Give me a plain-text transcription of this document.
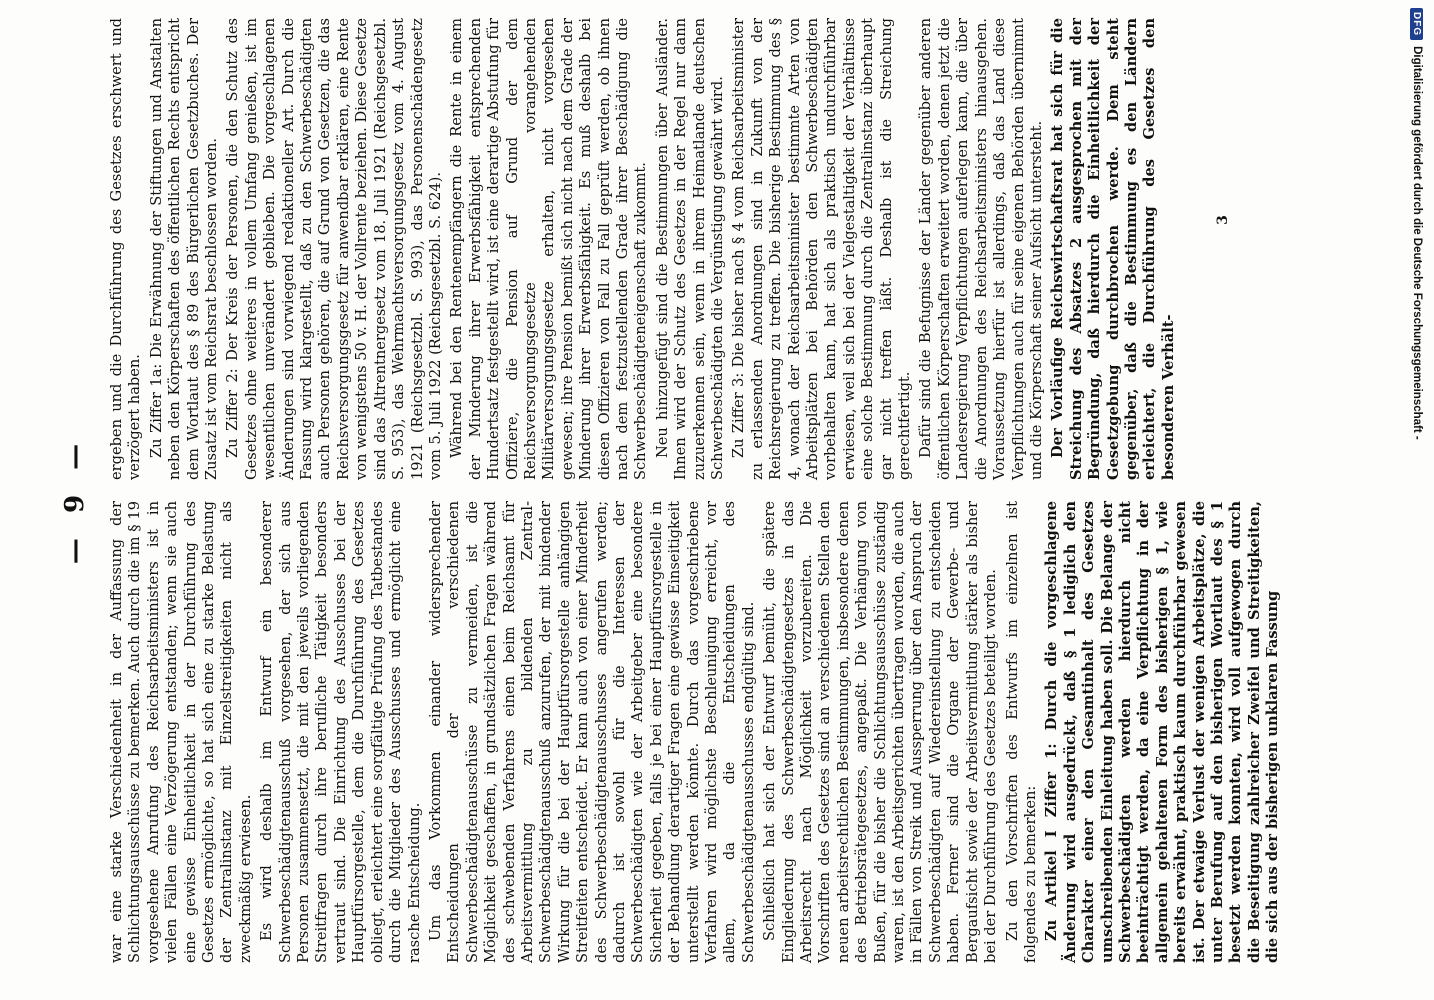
— 9 —

war eine starke Verschiedenheit in der Auffassung der Schlichtungsausschüsse zu bemerken. Auch durch die im § 19 vorgesehene Anrufung des Reichsarbeitsministers ist in vielen Fällen eine Verzögerung entstanden; wenn sie auch eine gewisse Einheitlichkeit in der Durchführung des Gesetzes ermöglichte, so hat sich eine zu starke Belastung der Zentralinstanz mit Einzelstreitigkeiten nicht als zweckmäßig erwiesen. Es wird deshalb im Entwurf ein besonderer Schwerbeschädigtenausschuß vorgesehen, der sich aus Personen zusammensetzt, die mit den jeweils vorliegenden Streitfragen durch ihre berufliche Tätigkeit besonders vertraut sind. Die Einrichtung des Ausschusses bei der Hauptfürsorgestelle, dem die Durchführung des Gesetzes obliegt, erleichtert eine sorgfältige Prüfung des Tatbestandes durch die Mitglieder des Ausschusses und ermöglicht eine rasche Entscheidung. Um das Vorkommen einander widersprechender Entscheidungen der verschiedenen Schwerbeschädigtenausschüsse zu vermeiden, ist die Möglichkeit geschaffen, in grundsätzlichen Fragen während des schwebenden Verfahrens einen beim Reichsamt für Arbeitsvermittlung zu bildenden Zentral-Schwerbeschädigtenausschuß anzurufen, der mit bindender Wirkung für die bei der Hauptfürsorgestelle anhängigen Streitfeiten entscheidet. Er kann auch von einer Minderheit des Schwerbeschädigtenausschusses angerufen werden; dadurch ist sowohl für die Interessen der Schwerbeschädigten wie der Arbeitgeber eine besondere Sicherheit gegeben, falls je bei einer Hauptfürsorgestelle in der Behandlung derartiger Fragen eine gewisse Einseitigkeit unterstellt werden könnte. Durch das vorgeschriebene Verfahren wird möglichste Beschleunigung erreicht, vor allem, da die Entscheidungen des Schwerbeschädigtenausschusses endgültig sind. Schließlich hat sich der Entwurf bemüht, die spätere Eingliederung des Schwerbeschädigtengesetzes in das Arbeitsrecht nach Möglichkeit vorzubereiten. Die Vorschriften des Gesetzes sind an verschiedenen Stellen den neuen arbeitsrechtlichen Bestimmungen, insbesondere denen des Betriebsrätegesetzes, angepaßt. Die Verhängung von Bußen, für die bisher die Schlichtungsausschüsse zuständig waren, ist den Arbeitsgerichten übertragen worden, die auch in Fällen von Streik und Aussperrung über den Anspruch der Schwerbeschädigten auf Wiedereinstellung zu entscheiden haben. Ferner sind die Organe der Gewerbe- und Bergaufsicht sowie der Arbeitsvermittlung stärker als bisher bei der Durchführung des Gesetzes beteiligt worden. Zu den Vorschriften des Entwurfs im einzelnen ist folgendes zu bemerken: Zu Artikel I Ziffer 1: Durch die vorgeschlagene Änderung wird ausgedrückt, daß § 1 lediglich den Charakter einer den Gesamtinhalt des Gesetzes umschreibenden Einleitung haben soll. Die Belange der Schwerbeschädigten werden hierdurch nicht beeinträchtigt werden, da eine Verpflichtung in der allgemein gehaltenen Form des bisherigen § 1, wie bereits erwähnt, praktisch kaum durchführbar gewesen ist. Der etwaige Verlust der wenigen Arbeitsplätze, die unter Berufung auf den bisherigen Wortlaut des § 1 besetzt werden konnten, wird voll aufgewogen durch die Beseitigung zahlreicher Zweifel und Streitigkeiten, die sich aus der bisherigen unklaren Fassung

ergeben und die Durchführung des Gesetzes erschwert und verzögert haben. Zu Ziffer 1a: Die Erwähnung der Stiftungen und Anstalten neben den Körperschaften des öffentlichen Rechts entspricht dem Wortlaut des § 89 des Bürgerlichen Gesetzbuches. Der Zusatz ist vom Reichsrat beschlossen worden. Zu Ziffer 2: Der Kreis der Personen, die den Schutz des Gesetzes ohne weiteres in vollem Umfang genießen, ist im wesentlichen unverändert geblieben. Die vorgeschlagenen Änderungen sind vorwiegend redaktioneller Art. Durch die Fassung wird klargestellt, daß zu den Schwerbeschädigten auch Personen gehören, die auf Grund von Gesetzen, die das Reichsversorgungsgesetz für anwendbar erklären, eine Rente von wenigstens 50 v. H. der Vollrente beziehen. Diese Gesetze sind das Altrentnergesetz vom 18. Juli 1921 (Reichsgesetzbl. S. 953), das Wehrmachtsversorgungsgesetz vom 4. August 1921 (Reichsgesetzbl. S. 993), das Personenschädengesetz vom 5. Juli 1922 (Reichsgesetzbl. S. 624). Während bei den Rentenempfängern die Rente in einem der Minderung ihrer Erwerbsfähigkeit entsprechenden Hundertsatz festgestellt wird, ist eine derartige Abstufung für Offiziere, die Pension auf Grund der dem Reichsversorgungsgesetze vorangehenden Militärversorgungsgesetze erhalten, nicht vorgesehen gewesen; ihre Pension bemißt sich nicht nach dem Grade der Minderung ihrer Erwerbsfähigkeit. Es muß deshalb bei diesen Offizieren von Fall zu Fall geprüft werden, ob ihnen nach dem festzustellenden Grade ihrer Beschädigung die Schwerbeschädigteneigenschaft zukommt. Neu hinzugefügt sind die Bestimmungen über Ausländer. Ihnen wird der Schutz des Gesetzes in der Regel nur dann zuzuerkennen sein, wenn in ihrem Heimatlande deutschen Schwerbeschädigten die Vergünstigung gewährt wird. Zu Ziffer 3: Die bisher nach § 4 vom Reichsarbeitsminister zu erlassenden Anordnungen sind in Zukunft von der Reichsregierung zu treffen. Die bisherige Bestimmung des § 4, wonach der Reichsarbeitsminister bestimmte Arten von Arbeitsplätzen bei Behörden den Schwerbeschädigten vorbehalten kann, hat sich als praktisch undurchführbar erwiesen, weil sich bei der Vielgestaltigkeit der Verhältnisse eine solche Bestimmung durch die Zentralinstanz überhaupt gar nicht treffen läßt. Deshalb ist die Streichung gerechtfertigt. Dafür sind die Befugnisse der Länder gegenüber anderen öffentlichen Körperschaften erweitert worden, denen jetzt die Landesregierung Verpflichtungen auferlegen kann, die über die Anordnungen des Reichsarbeitsministers hinausgehen. Voraussetzung hierfür ist allerdings, daß das Land diese Verpflichtungen auch für seine eigenen Behörden übernimmt und die Körperschaft seiner Aufsicht untersteht. Der Vorläufige Reichswirtschaftsrat hat sich für die Streichung des Absatzes 2 ausgesprochen mit der Begründung, daß hierdurch die Einheitlichkeit der Gesetzgebung durchbrochen werde. Dem steht gegenüber, daß die Bestimmung es den Ländern erleichtert, die Durchführung des Gesetzes den besonderen Verhält-

3
DFG
Digitalisierung gefördert durch die Deutsche Forschungsgemeinschaft -
